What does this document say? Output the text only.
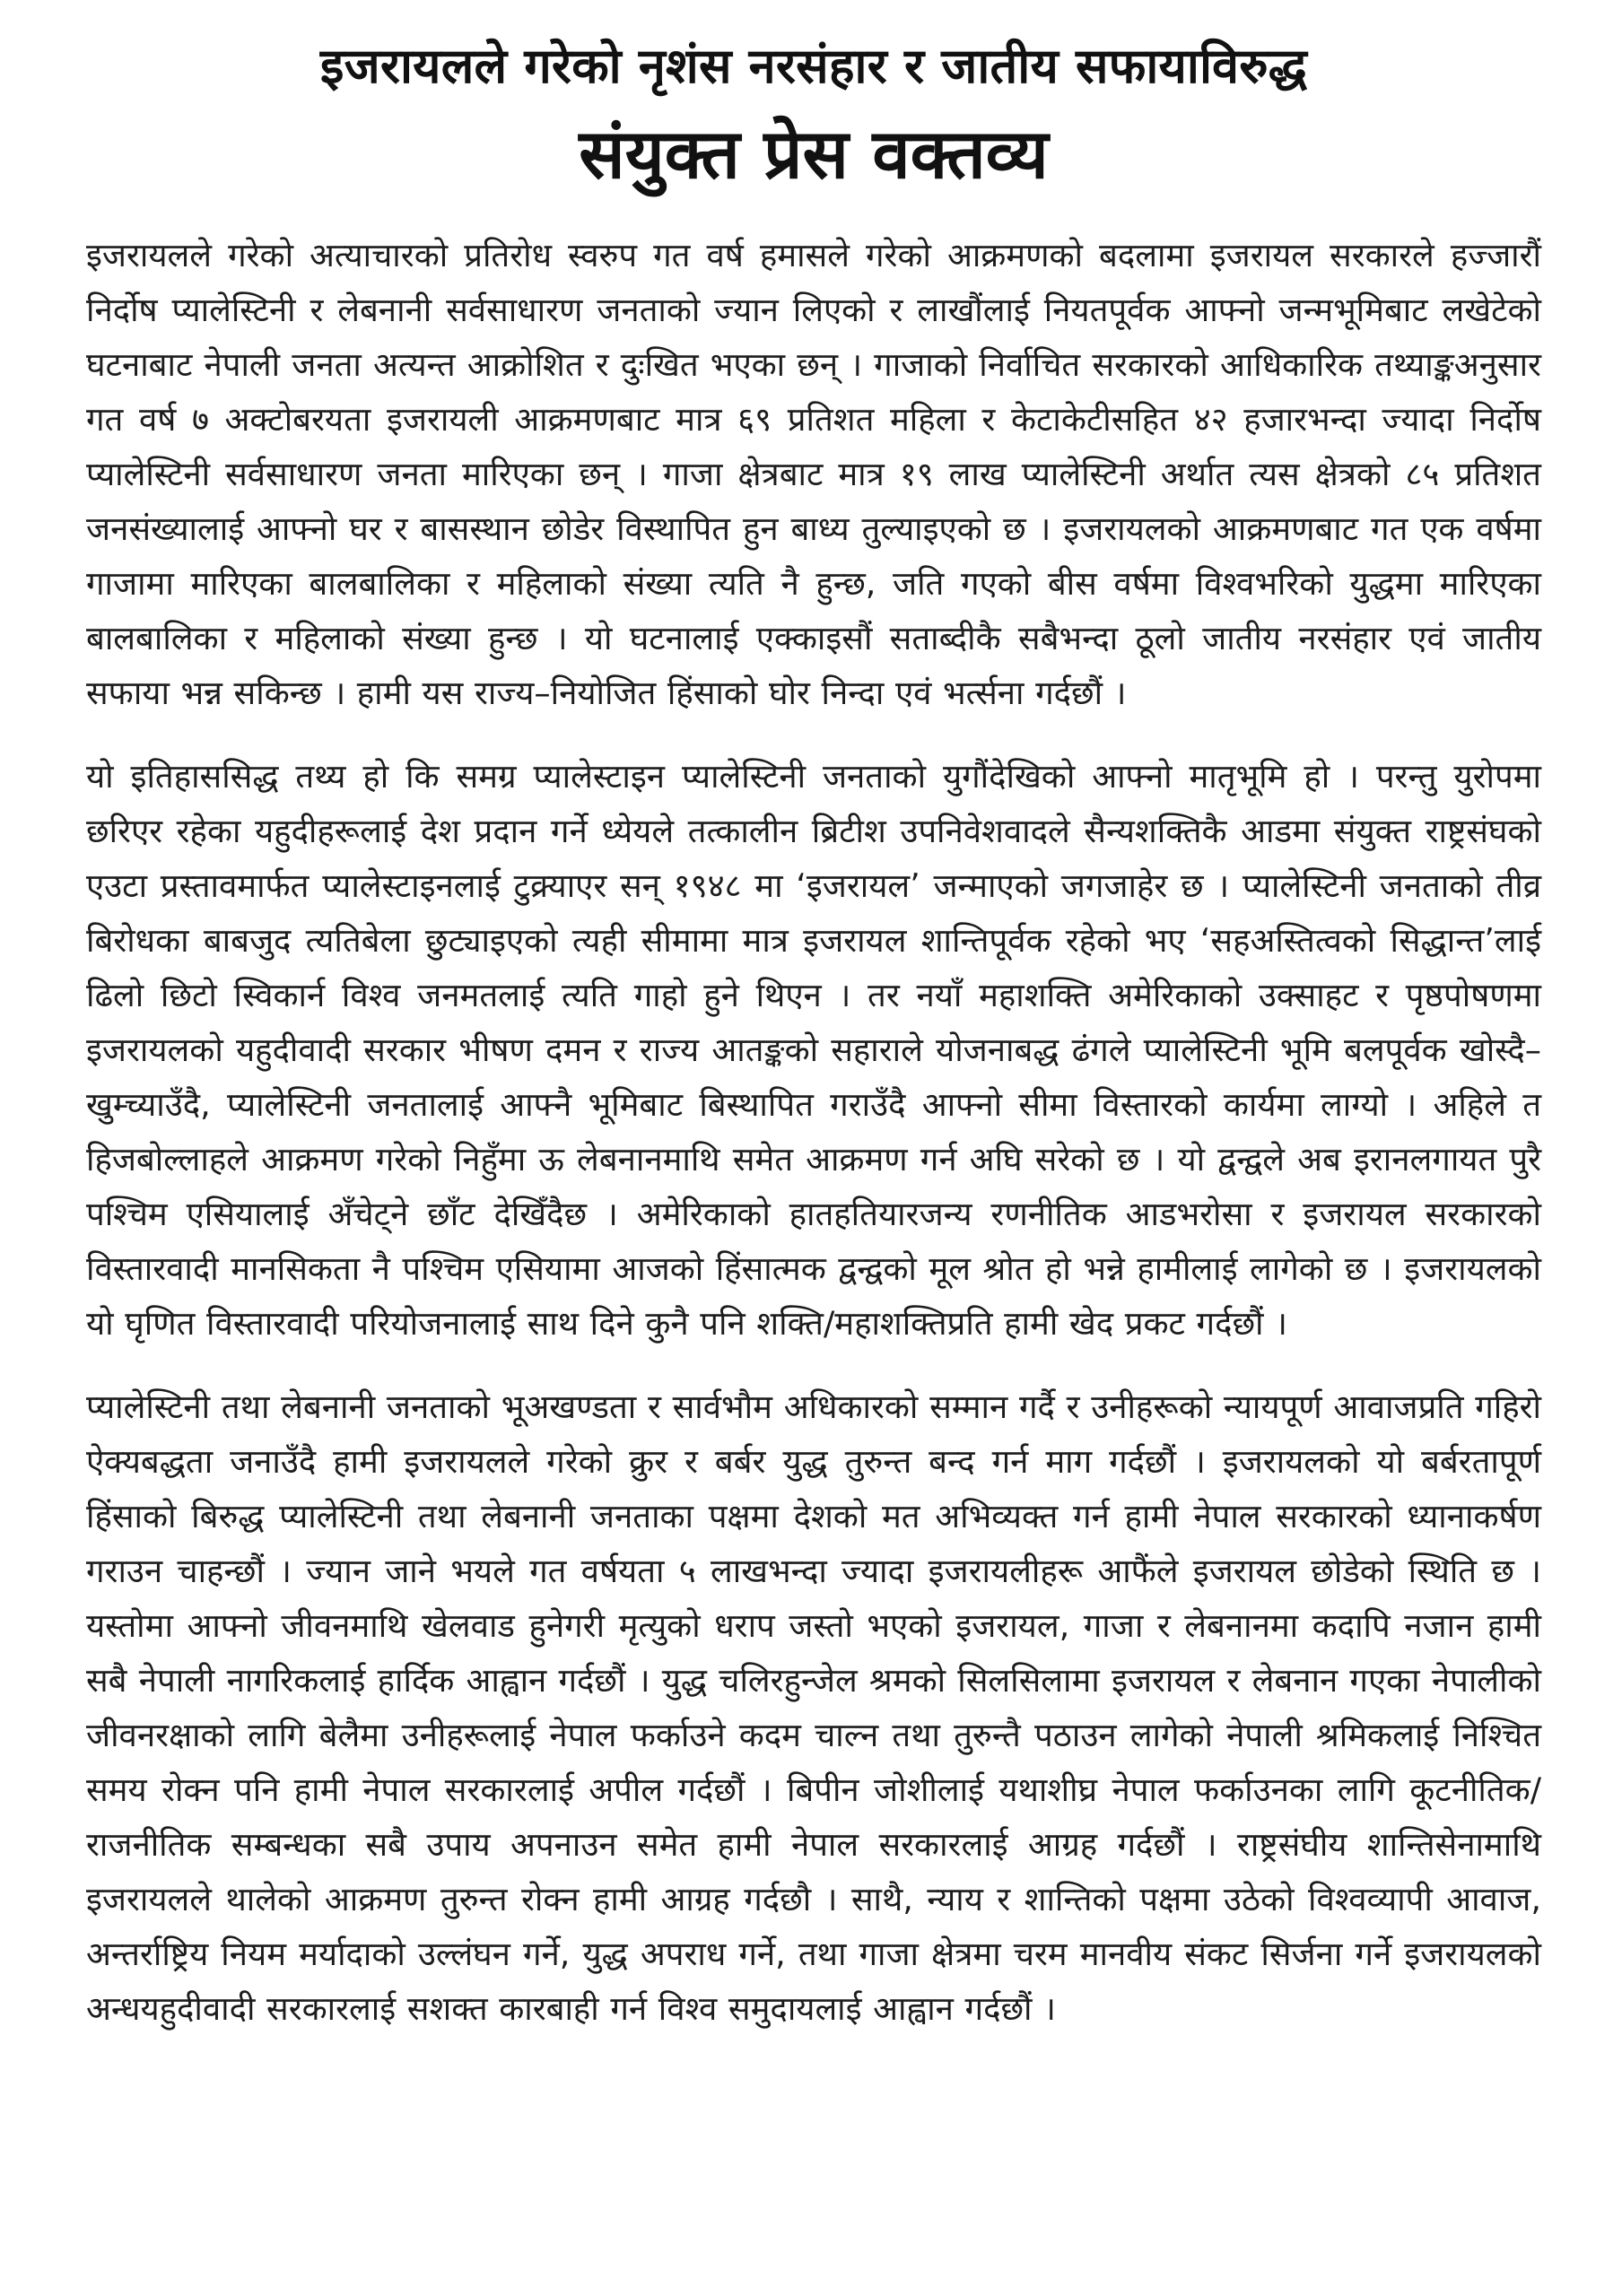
इजरायलले गरेको नृशंस नरसंहार र जातीय सफायाविरुद्ध
संयुक्त प्रेस वक्तव्य

इजरायलले गरेको अत्याचारको प्रतिरोध स्वरुप गत वर्ष हमासले गरेको आक्रमणको बदलामा इजरायल सरकारले हज्जारौं निर्दोष प्यालेस्टिनी र लेबनानी सर्वसाधारण जनताको ज्यान लिएको र लाखौंलाई नियतपूर्वक आफ्नो जन्मभूमिबाट लखेटेको घटनाबाट नेपाली जनता अत्यन्त आक्रोशित र दुःखित भएका छन् । गाजाको निर्वाचित सरकारको आधिकारिक तथ्याङ्कअनुसार गत वर्ष ७ अक्टोबरयता इजरायली आक्रमणबाट मात्र ६९ प्रतिशत महिला र केटाकेटीसहित ४२ हजारभन्दा ज्यादा निर्दोष प्यालेस्टिनी सर्वसाधारण जनता मारिएका छन् । गाजा क्षेत्रबाट मात्र १९ लाख प्यालेस्टिनी अर्थात त्यस क्षेत्रको ८५ प्रतिशत जनसंख्यालाई आफ्नो घर र बासस्थान छोडेर विस्थापित हुन बाध्य तुल्याइएको छ । इजरायलको आक्रमणबाट गत एक वर्षमा गाजामा मारिएका बालबालिका र महिलाको संख्या त्यति नै हुन्छ, जति गएको बीस वर्षमा विश्वभरिको युद्धमा मारिएका बालबालिका र महिलाको संख्या हुन्छ । यो घटनालाई एक्काइसौं सताब्दीकै सबैभन्दा ठूलो जातीय नरसंहार एवं जातीय सफाया भन्न सकिन्छ । हामी यस राज्य–नियोजित हिंसाको घोर निन्दा एवं भर्त्सना गर्दछौं ।

यो इतिहाससिद्ध तथ्य हो कि समग्र प्यालेस्टाइन प्यालेस्टिनी जनताको युगौंदेखिको आफ्नो मातृभूमि हो । परन्तु युरोपमा छरिएर रहेका यहुदीहरूलाई देश प्रदान गर्ने ध्येयले तत्कालीन ब्रिटीश उपनिवेशवादले सैन्यशक्तिकै आडमा संयुक्त राष्ट्रसंघको एउटा प्रस्तावमार्फत प्यालेस्टाइनलाई टुक्र्याएर सन् १९४८ मा ‘इजरायल’ जन्माएको जगजाहेर छ । प्यालेस्टिनी जनताको तीव्र बिरोधका बाबजुद त्यतिबेला छुट्याइएको त्यही सीमामा मात्र इजरायल शान्तिपूर्वक रहेको भए ‘सहअस्तित्वको सिद्धान्त’लाई ढिलो छिटो स्विकार्न विश्व जनमतलाई त्यति गाहो हुने थिएन । तर नयाँ महाशक्ति अमेरिकाको उक्साहट र पृष्ठपोषणमा इजरायलको यहुदीवादी सरकार भीषण दमन र राज्य आतङ्कको सहाराले योजनाबद्ध ढंगले प्यालेस्टिनी भूमि बलपूर्वक खोस्दै–खुम्च्याउँदै, प्यालेस्टिनी जनतालाई आफ्नै भूमिबाट बिस्थापित गराउँदै आफ्नो सीमा विस्तारको कार्यमा लाग्यो । अहिले त हिजबोल्लाहले आक्रमण गरेको निहुँमा ऊ लेबनानमाथि समेत आक्रमण गर्न अघि सरेको छ । यो द्वन्द्वले अब इरानलगायत पुरै पश्चिम एसियालाई अँचेट्ने छाँट देखिँदैछ । अमेरिकाको हातहतियारजन्य रणनीतिक आडभरोसा र इजरायल सरकारको विस्तारवादी मानसिकता नै पश्चिम एसियामा आजको हिंसात्मक द्वन्द्वको मूल श्रोत हो भन्ने हामीलाई लागेको छ । इजरायलको यो घृणित विस्तारवादी परियोजनालाई साथ दिने कुनै पनि शक्ति/महाशक्तिप्रति हामी खेद प्रकट गर्दछौं ।

प्यालेस्टिनी तथा लेबनानी जनताको भूअखण्डता र सार्वभौम अधिकारको सम्मान गर्दै र उनीहरूको न्यायपूर्ण आवाजप्रति गहिरो ऐक्यबद्धता जनाउँदै हामी इजरायलले गरेको क्रुर र बर्बर युद्ध तुरुन्त बन्द गर्न माग गर्दछौं । इजरायलको यो बर्बरतापूर्ण हिंसाको बिरुद्ध प्यालेस्टिनी तथा लेबनानी जनताका पक्षमा देशको मत अभिव्यक्त गर्न हामी नेपाल सरकारको ध्यानाकर्षण गराउन चाहन्छौं । ज्यान जाने भयले गत वर्षयता ५ लाखभन्दा ज्यादा इजरायलीहरू आफैंले इजरायल छोडेको स्थिति छ । यस्तोमा आफ्नो जीवनमाथि खेलवाड हुनेगरी मृत्युको धराप जस्तो भएको इजरायल, गाजा र लेबनानमा कदापि नजान हामी सबै नेपाली नागरिकलाई हार्दिक आह्वान गर्दछौं । युद्ध चलिरहुन्जेल श्रमको सिलसिलामा इजरायल र लेबनान गएका नेपालीको जीवनरक्षाको लागि बेलैमा उनीहरूलाई नेपाल फर्काउने कदम चाल्न तथा तुरुन्तै पठाउन लागेको नेपाली श्रमिकलाई निश्चित समय रोक्न पनि हामी नेपाल सरकारलाई अपील गर्दछौं । बिपीन जोशीलाई यथाशीघ्र नेपाल फर्काउनका लागि कूटनीतिक/राजनीतिक सम्बन्धका सबै उपाय अपनाउन समेत हामी नेपाल सरकारलाई आग्रह गर्दछौं । राष्ट्रसंघीय शान्तिसेनामाथि इजरायलले थालेको आक्रमण तुरुन्त रोक्न हामी आग्रह गर्दछौ । साथै, न्याय र शान्तिको पक्षमा उठेको विश्वव्यापी आवाज, अन्तर्राष्ट्रिय नियम मर्यादाको उल्लंघन गर्ने, युद्ध अपराध गर्ने, तथा गाजा क्षेत्रमा चरम मानवीय संकट सिर्जना गर्ने इजरायलको अन्धयहुदीवादी सरकारलाई सशक्त कारबाही गर्न विश्व समुदायलाई आह्वान गर्दछौं ।
